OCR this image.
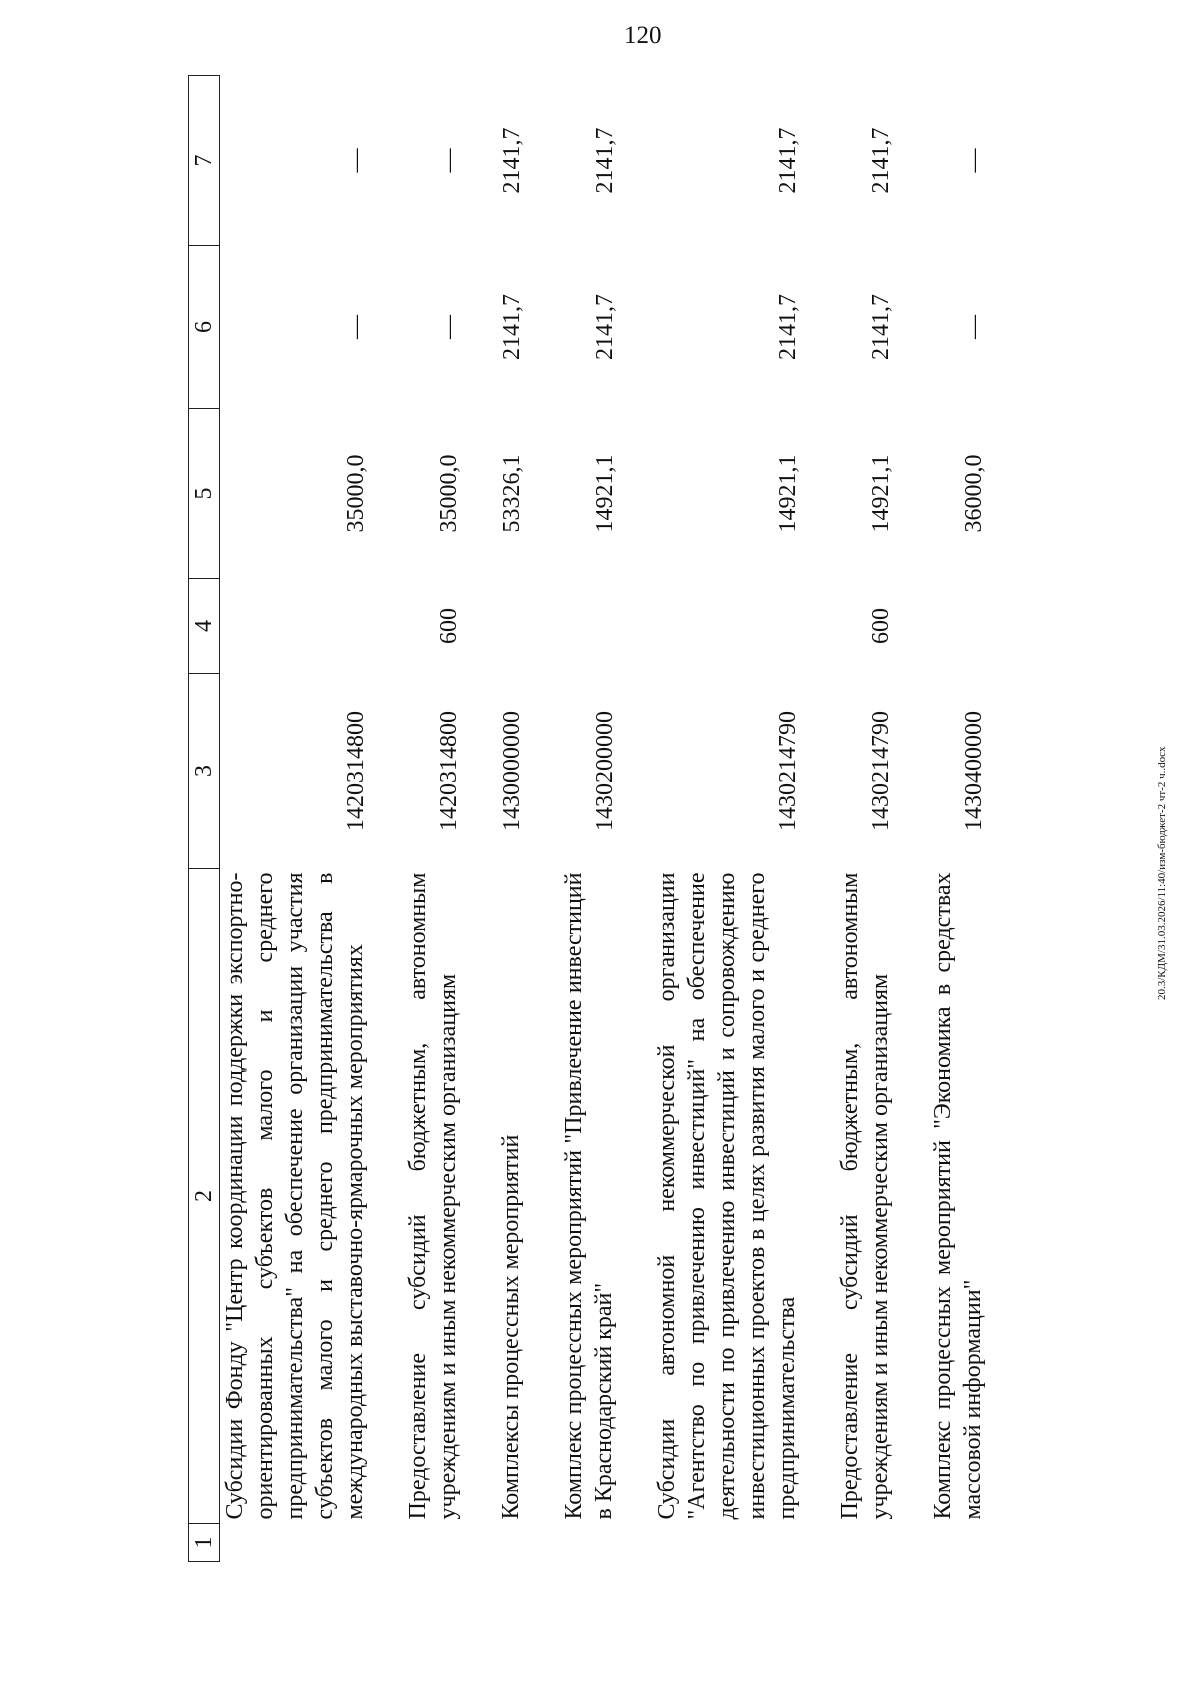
120
20.3/КДМ/31.03.2026/11:40/изм-бюджет-2 чт-2 ч..docx
1	2	3	4	5	6	7
	Субсидии Фонду "Центр координации поддержки экспортно-ориентированных субъектов малого и среднего предпринимательства" на обеспечение организации участия субъектов малого и среднего предпринимательства в международных выставочно-ярмарочных мероприятиях	1420314800		35000,0	—	—

	Предоставление субсидий бюджетным, автономным учреждениям и иным некоммерческим организациям	1420314800	600	35000,0	—	—

	Комплексы процессных мероприятий	1430000000		53326,1	2141,7	2141,7

	Комплекс процессных мероприятий "Привлечение инвестиций в Краснодарский край"	1430200000		14921,1	2141,7	2141,7

	Субсидии автономной некоммерческой организации "Агентство по привлечению инвестиций" на обеспечение деятельности по привлечению инвестиций и сопровождению инвестиционных проектов в целях развития малого и среднего предпринимательства	1430214790		14921,1	2141,7	2141,7

	Предоставление субсидий бюджетным, автономным учреждениям и иным некоммерческим организациям	1430214790	600	14921,1	2141,7	2141,7

	Комплекс процессных мероприятий "Экономика в средствах массовой информации"	1430400000		36000,0	—	—
